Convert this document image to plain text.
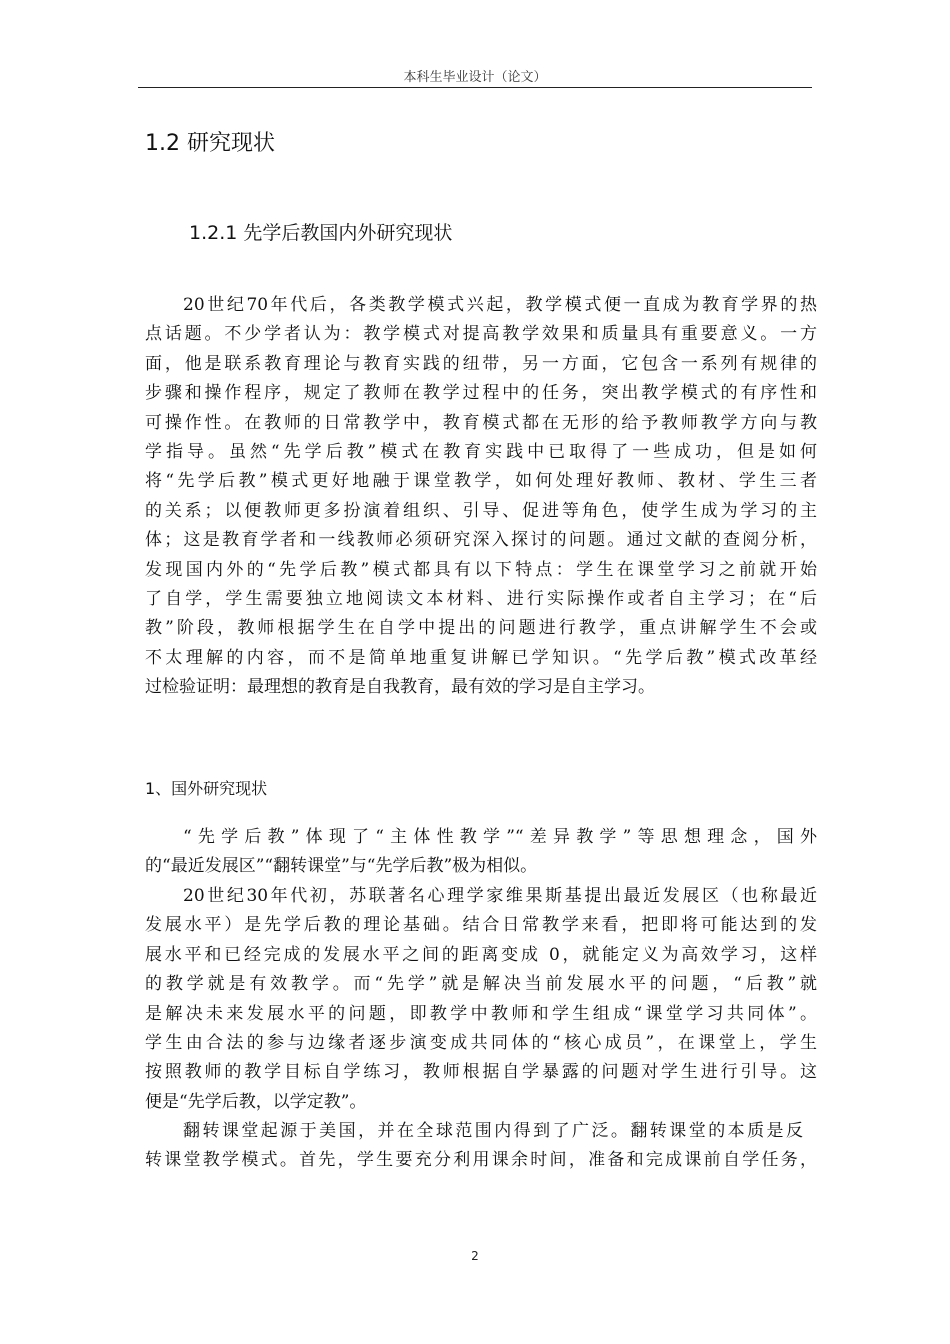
本科生毕业设计（论文）
1.2 研究现状
1.2.1 先学后教国内外研究现状
20世纪70年代后，各类教学模式兴起，教学模式便一直成为教育学界的热
点话题。不少学者认为：教学模式对提高教学效果和质量具有重要意义。一方
面，他是联系教育理论与教育实践的纽带，另一方面，它包含一系列有规律的
步骤和操作程序，规定了教师在教学过程中的任务，突出教学模式的有序性和
可操作性。在教师的日常教学中，教育模式都在无形的给予教师教学方向与教
学指导。虽然“先学后教”模式在教育实践中已取得了一些成功，但是如何
将“先学后教”模式更好地融于课堂教学，如何处理好教师、教材、学生三者
的关系；以便教师更多扮演着组织、引导、促进等角色，使学生成为学习的主
体；这是教育学者和一线教师必须研究深入探讨的问题。通过文献的查阅分析，
发现国内外的“先学后教”模式都具有以下特点：学生在课堂学习之前就开始
了自学，学生需要独立地阅读文本材料、进行实际操作或者自主学习；在“后
教”阶段，教师根据学生在自学中提出的问题进行教学，重点讲解学生不会或
不太理解的内容，而不是简单地重复讲解已学知识。“先学后教”模式改革经
过检验证明：最理想的教育是自我教育，最有效的学习是自主学习。
1、国外研究现状
“先学后教”体现了“主体性教学”“差异教学”等思想理念，国外
的“最近发展区”“翻转课堂”与“先学后教”极为相似。
20世纪30年代初，苏联著名心理学家维果斯基提出最近发展区（也称最近
发展水平）是先学后教的理论基础。结合日常教学来看，把即将可能达到的发
展水平和已经完成的发展水平之间的距离变成 0，就能定义为高效学习，这样
的教学就是有效教学。而“先学”就是解决当前发展水平的问题，“后教”就
是解决未来发展水平的问题，即教学中教师和学生组成“课堂学习共同体”。
学生由合法的参与边缘者逐步演变成共同体的“核心成员”，在课堂上，学生
按照教师的教学目标自学练习，教师根据自学暴露的问题对学生进行引导。这
便是“先学后教，以学定教”。
翻转课堂起源于美国，并在全球范围内得到了广泛。翻转课堂的本质是反
转课堂教学模式。首先，学生要充分利用课余时间，准备和完成课前自学任务，
2
